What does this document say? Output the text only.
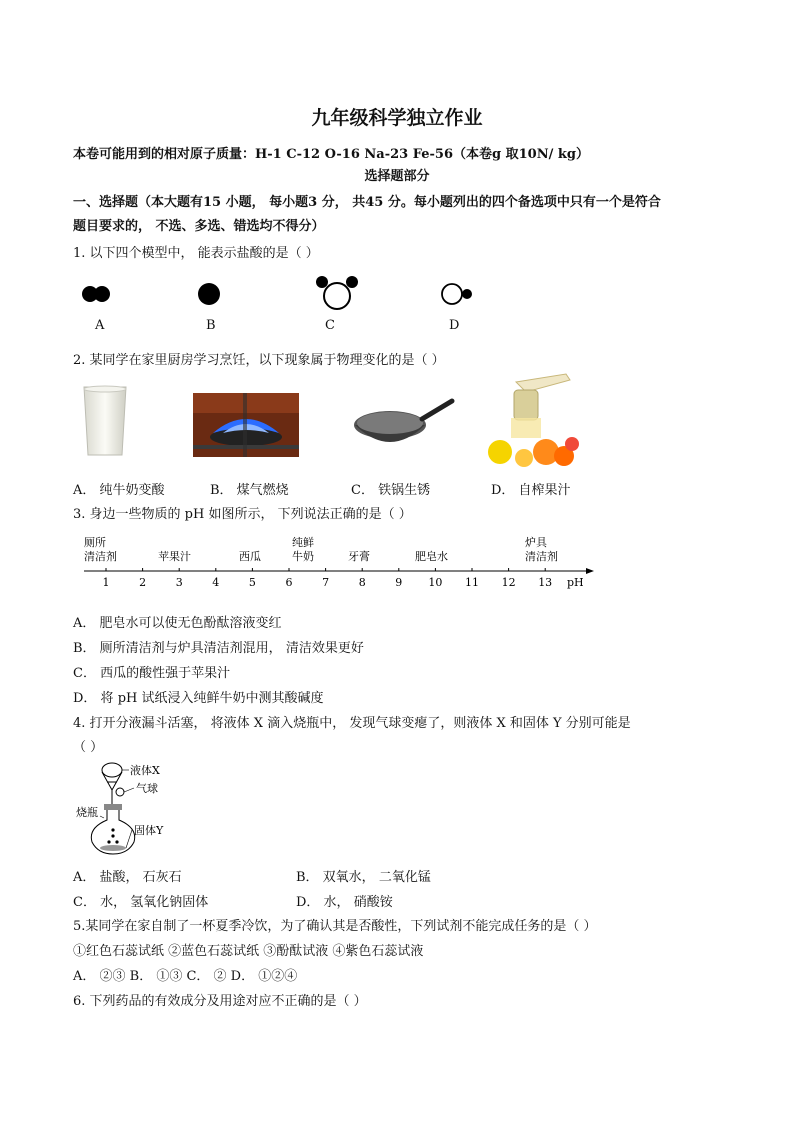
九年级科学独立作业
本卷可能用到的相对原子质量：H-1 C-12 O-16 Na-23 Fe-56（本卷g 取10N/ kg）
选择题部分
一、选择题（本大题有15 小题， 每小题3 分， 共45 分。每小题列出的四个备选项中只有一个是符合
题目要求的， 不选、多选、错选均不得分）
1. 以下四个模型中， 能表示盐酸的是（ ）
A	B	C	D
2. 某同学在家里厨房学习烹饪，以下现象属于物理变化的是（ ）
A． 纯牛奶变酸	B． 煤气燃烧	C． 铁锅生锈	D． 自榨果汁
3. 身边一些物质的 pH 如图所示， 下列说法正确的是（ ）
厕所
清洁剂	苹果汁	西瓜
纯鲜
牛奶	牙膏	肥皂水
炉具
清洁剂
1	2	3	4	5	6	7	8	9 10 11 12 13 pH
A． 肥皂水可以使无色酚酞溶液变红
B． 厕所清洁剂与炉具清洁剂混用， 清洁效果更好
C． 西瓜的酸性强于苹果汁
D． 将 pH 试纸浸入纯鲜牛奶中测其酸碱度
4. 打开分液漏斗活塞， 将液体 X 滴入烧瓶中， 发现气球变瘪了，则液体 X 和固体 Y 分别可能是
（ ）
液体X
气球
烧瓶
固体Y
A． 盐酸， 石灰石	B． 双氧水， 二氧化锰
C． 水， 氢氧化钠固体	D． 水， 硝酸铵
5.某同学在家自制了一杯夏季冷饮，为了确认其是否酸性，下列试剂不能完成任务的是（ ）
①红色石蕊试纸 ②蓝色石蕊试纸 ③酚酞试液 ④紫色石蕊试液
A． ②③ B． ①③ C． ② D． ①②④
6. 下列药品的有效成分及用途对应不正确的是（ ）
